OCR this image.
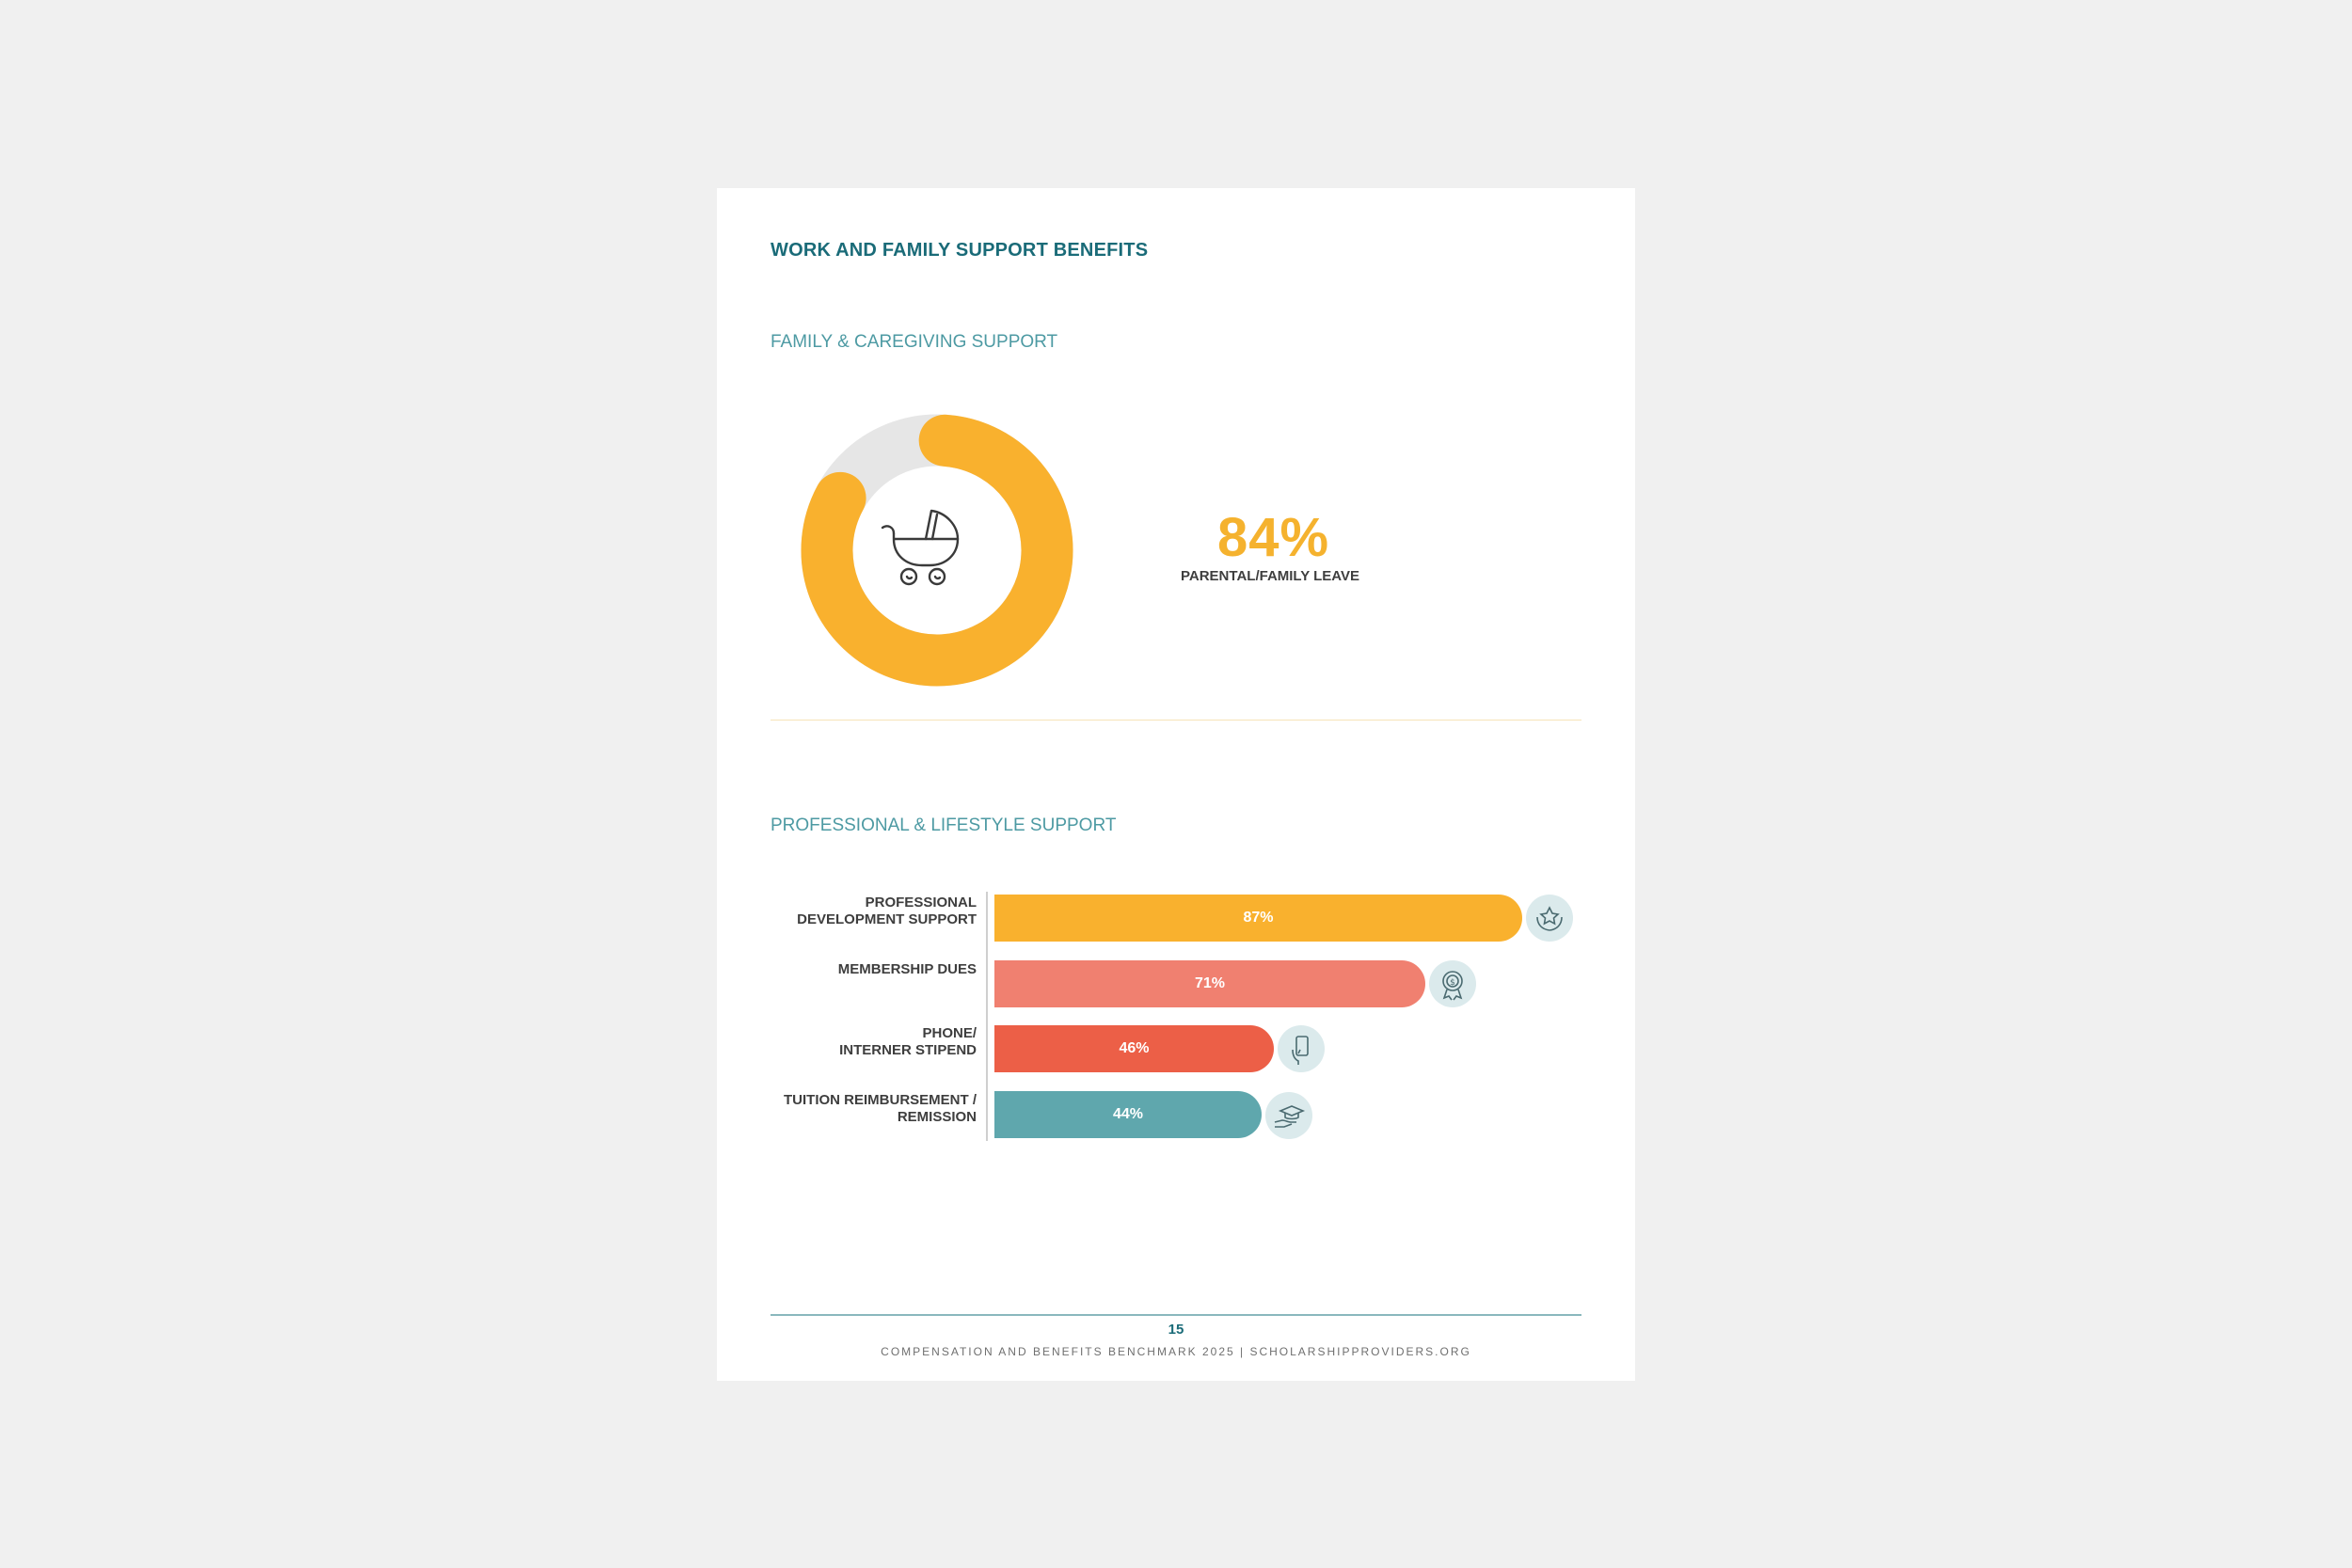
WORK AND FAMILY SUPPORT BENEFITS
FAMILY & CAREGIVING SUPPORT
84%
PARENTAL/FAMILY LEAVE
PROFESSIONAL & LIFESTYLE SUPPORT
PROFESSIONAL
DEVELOPMENT SUPPORT	87%
MEMBERSHIP DUES
71%	$
PHONE/
INTERNER STIPEND	46%
TUITION REIMBURSEMENT /
REMISSION	44%
15
COMPENSATION AND BENEFITS BENCHMARK 2025 | SCHOLARSHIPPROVIDERS.ORG
